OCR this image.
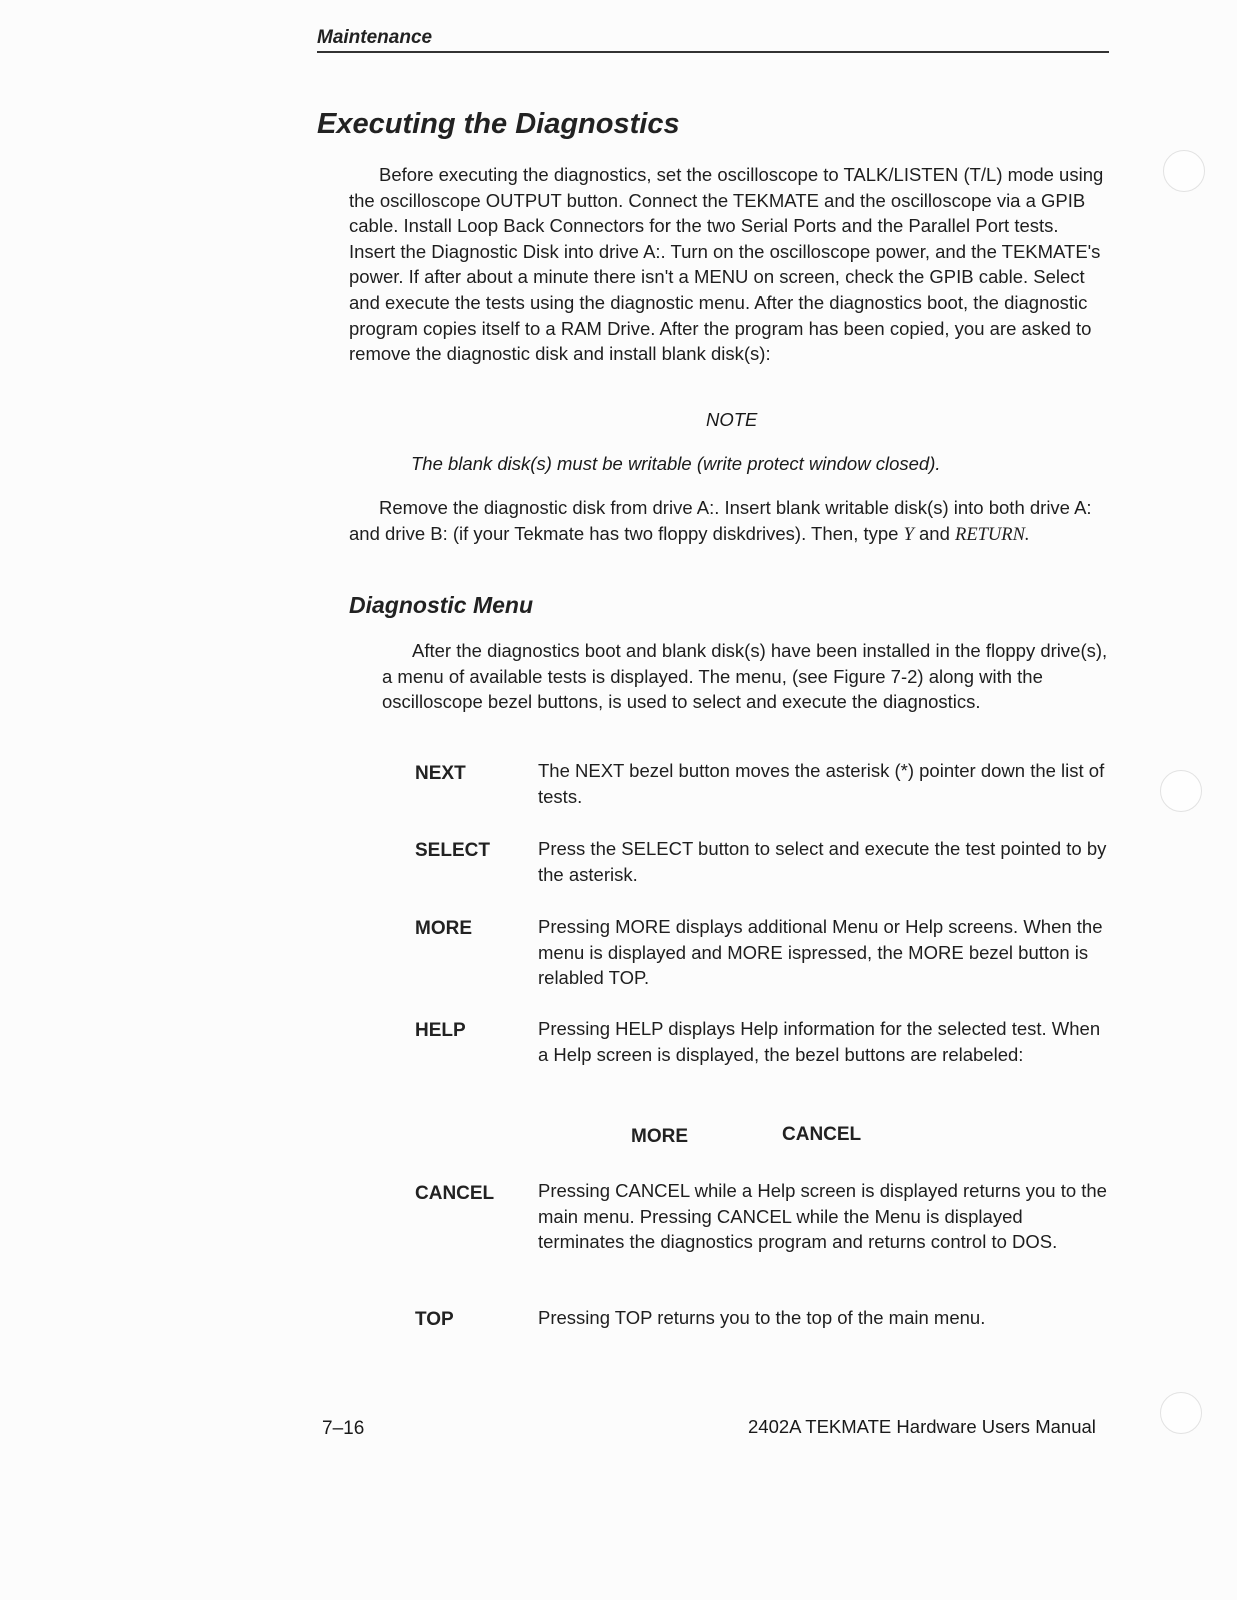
Maintenance
Executing the Diagnostics
Before executing the diagnostics, set the oscilloscope to TALK/LISTEN (T/L) mode using the oscilloscope OUTPUT button. Connect the TEKMATE and the oscilloscope via a GPIB cable. Install Loop Back Connectors for the two Serial Ports and the Parallel Port tests. Insert the Diagnostic Disk into drive A:. Turn on the oscilloscope power, and the TEKMATE's power. If after about a minute there isn't a MENU on screen, check the GPIB cable. Select and execute the tests using the diagnostic menu. After the diagnostics boot, the diagnostic program copies itself to a RAM Drive. After the program has been copied, you are asked to remove the diagnostic disk and install blank disk(s):
NOTE
The blank disk(s) must be writable (write protect window closed).
Remove the diagnostic disk from drive A:. Insert blank writable disk(s) into both drive A: and drive B: (if your Tekmate has two floppy diskdrives). Then, type Y and RETURN.
Diagnostic Menu
After the diagnostics boot and blank disk(s) have been installed in the floppy drive(s), a menu of available tests is displayed. The menu, (see Figure 7-2) along with the oscilloscope bezel buttons, is used to select and execute the diagnostics.
NEXT	The NEXT bezel button moves the asterisk (*) pointer down the list of tests.
SELECT	Press the SELECT button to select and execute the test pointed to by the asterisk.
MORE	Pressing MORE displays additional Menu or Help screens. When the menu is displayed and MORE ispressed, the MORE bezel button is relabled TOP.
HELP	Pressing HELP displays Help information for the selected test. When a Help screen is displayed, the bezel buttons are relabeled:
MORE	CANCEL
CANCEL Pressing CANCEL while a Help screen is displayed returns you to the main menu. Pressing CANCEL while the Menu is displayed terminates the diagnostics program and returns control to DOS.
TOP	Pressing TOP returns you to the top of the main menu.
7–16	2402A TEKMATE Hardware Users Manual
